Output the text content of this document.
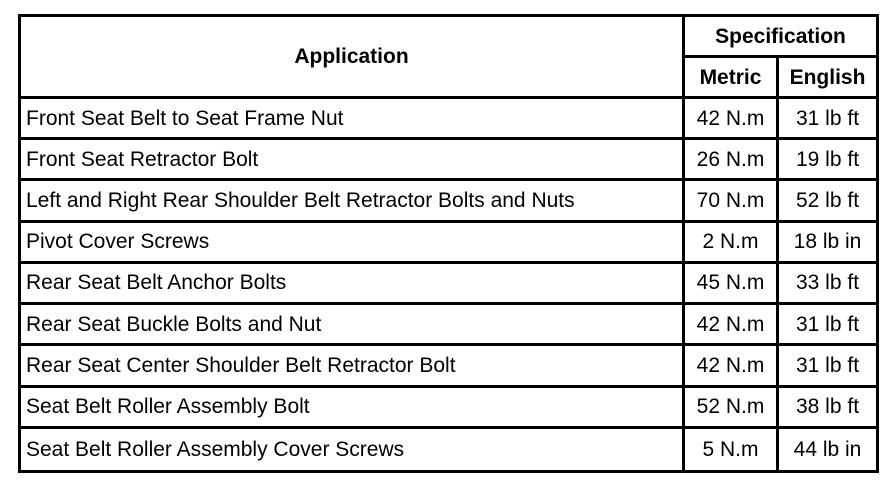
Application	Specification	
	Metric	English
Front Seat Belt to Seat Frame Nut	42 N.m	31 lb ft
Front Seat Retractor Bolt	26 N.m	19 lb ft
Left and Right Rear Shoulder Belt Retractor Bolts and Nuts	70 N.m	52 lb ft
Pivot Cover Screws	2 N.m	18 lb in
Rear Seat Belt Anchor Bolts	45 N.m	33 lb ft
Rear Seat Buckle Bolts and Nut	42 N.m	31 lb ft
Rear Seat Center Shoulder Belt Retractor Bolt	42 N.m	31 lb ft
Seat Belt Roller Assembly Bolt	52 N.m	38 lb ft
Seat Belt Roller Assembly Cover Screws	5 N.m	44 lb in
